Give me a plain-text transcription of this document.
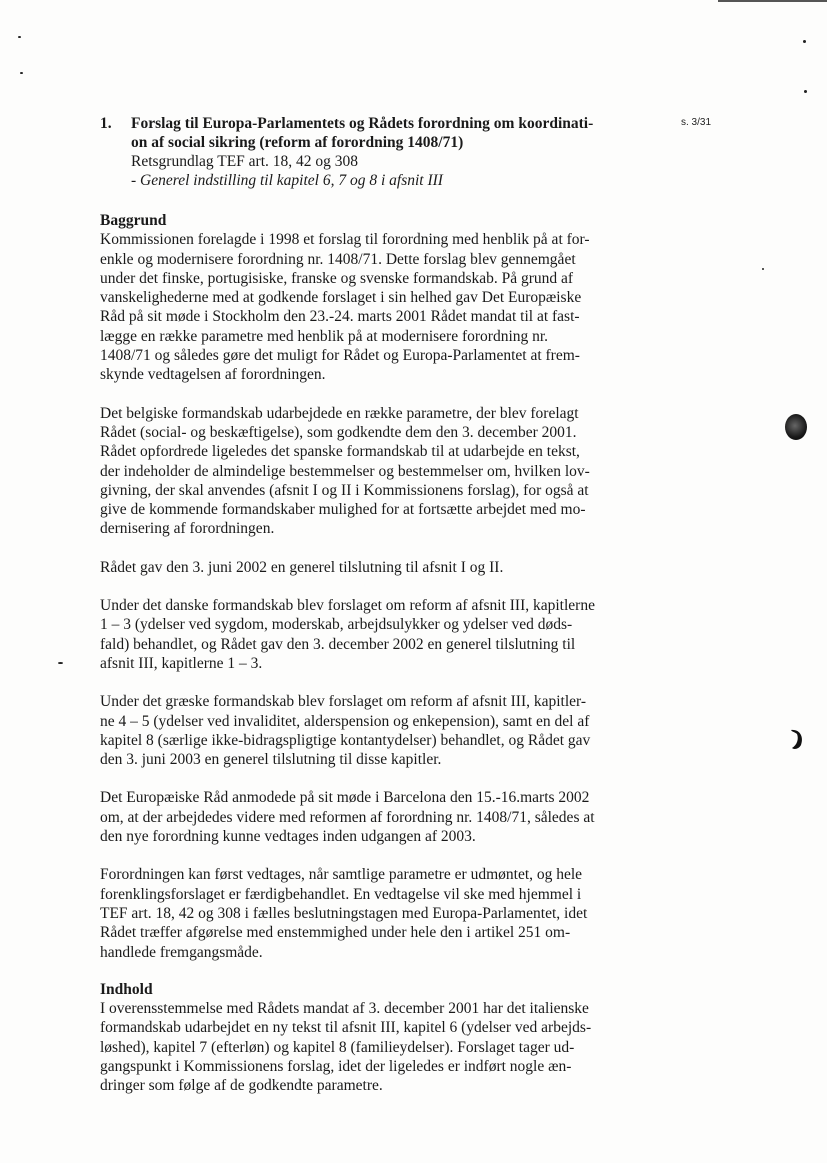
s. 3/31
1. Forslag til Europa-Parlamentets og Rådets forordning om koordinati-
on af social sikring (reform af forordning 1408/71)
Retsgrundlag TEF art. 18, 42 og 308
- Generel indstilling til kapitel 6, 7 og 8 i afsnit III

Baggrund

Kommissionen forelagde i 1998 et forslag til forordning med henblik på at for-
enkle og modernisere forordning nr. 1408/71. Dette forslag blev gennemgået
under det finske, portugisiske, franske og svenske formandskab. På grund af
vanskelighederne med at godkende forslaget i sin helhed gav Det Europæiske
Råd på sit møde i Stockholm den 23.-24. marts 2001 Rådet mandat til at fast-
lægge en række parametre med henblik på at modernisere forordning nr.
1408/71 og således gøre det muligt for Rådet og Europa-Parlamentet at frem-
skynde vedtagelsen af forordningen.

Det belgiske formandskab udarbejdede en række parametre, der blev forelagt
Rådet (social- og beskæftigelse), som godkendte dem den 3. december 2001.
Rådet opfordrede ligeledes det spanske formandskab til at udarbejde en tekst,
der indeholder de almindelige bestemmelser og bestemmelser om, hvilken lov-
givning, der skal anvendes (afsnit I og II i Kommissionens forslag), for også at
give de kommende formandskaber mulighed for at fortsætte arbejdet med mo-
dernisering af forordningen.

Rådet gav den 3. juni 2002 en generel tilslutning til afsnit I og II.

Under det danske formandskab blev forslaget om reform af afsnit III, kapitlerne
1 – 3 (ydelser ved sygdom, moderskab, arbejdsulykker og ydelser ved døds-
fald) behandlet, og Rådet gav den 3. december 2002 en generel tilslutning til
afsnit III, kapitlerne 1 – 3.

Under det græske formandskab blev forslaget om reform af afsnit III, kapitler-
ne 4 – 5 (ydelser ved invaliditet, alderspension og enkepension), samt en del af
kapitel 8 (særlige ikke-bidragspligtige kontantydelser) behandlet, og Rådet gav
den 3. juni 2003 en generel tilslutning til disse kapitler.

Det Europæiske Råd anmodede på sit møde i Barcelona den 15.-16.marts 2002
om, at der arbejdedes videre med reformen af forordning nr. 1408/71, således at
den nye forordning kunne vedtages inden udgangen af 2003.

Forordningen kan først vedtages, når samtlige parametre er udmøntet, og hele
forenklingsforslaget er færdigbehandlet. En vedtagelse vil ske med hjemmel i
TEF art. 18, 42 og 308 i fælles beslutningstagen med Europa-Parlamentet, idet
Rådet træffer afgørelse med enstemmighed under hele den i artikel 251 om-
handlede fremgangsmåde.

Indhold

I overensstemmelse med Rådets mandat af 3. december 2001 har det italienske
formandskab udarbejdet en ny tekst til afsnit III, kapitel 6 (ydelser ved arbejds-
løshed), kapitel 7 (efterløn) og kapitel 8 (familieydelser). Forslaget tager ud-
gangspunkt i Kommissionens forslag, idet der ligeledes er indført nogle æn-
dringer som følge af de godkendte parametre.
